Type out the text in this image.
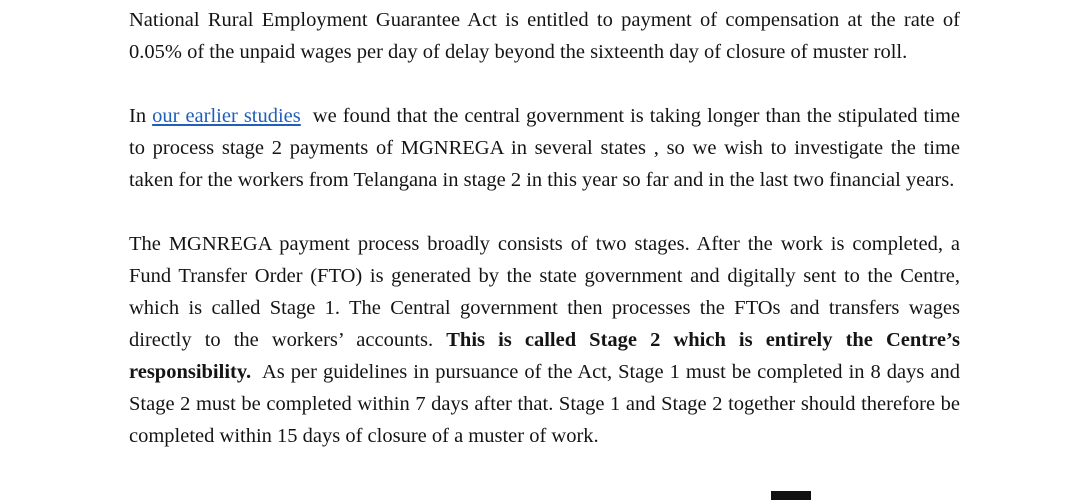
National Rural Employment Guarantee Act is entitled to payment of compensation at the rate of 0.05% of the unpaid wages per day of delay beyond the sixteenth day of closure of muster roll.

In our earlier studies  we found that the central government is taking longer than the stipulated time to process stage 2 payments of MGNREGA in several states , so we wish to investigate the time taken for the workers from Telangana in stage 2 in this year so far and in the last two financial years.

The MGNREGA payment process broadly consists of two stages. After the work is completed, a Fund Transfer Order (FTO) is generated by the state government and digitally sent to the Centre, which is called Stage 1. The Central government then processes the FTOs and transfers wages directly to the workers’ accounts. This is called Stage 2 which is entirely the Centre’s responsibility.  As per guidelines in pursuance of the Act, Stage 1 must be completed in 8 days and Stage 2 must be completed within 7 days after that. Stage 1 and Stage 2 together should therefore be completed within 15 days of closure of a muster of work.
